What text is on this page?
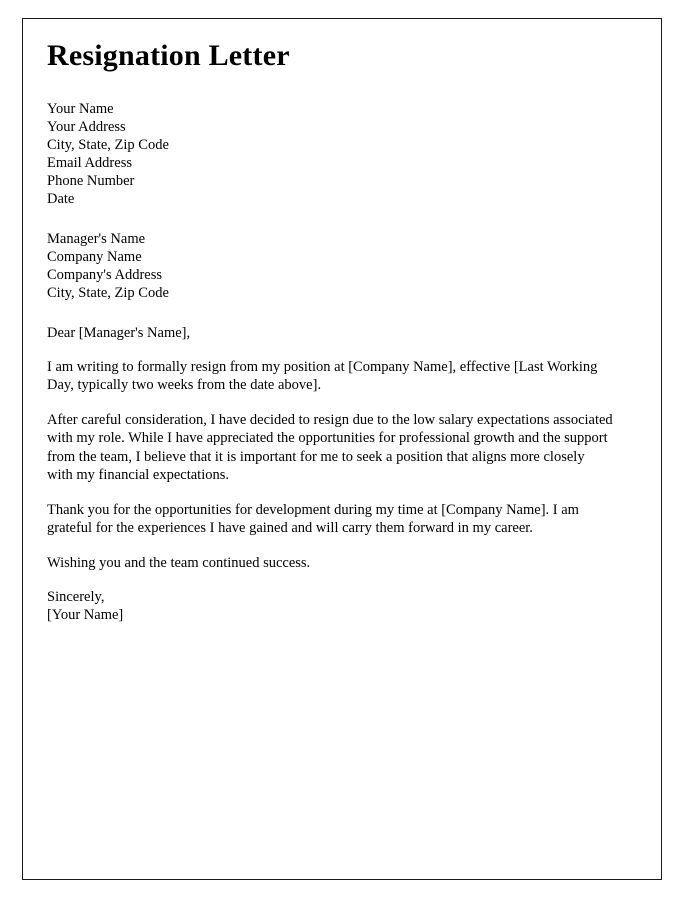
Resignation Letter
Your Name
Your Address
City, State, Zip Code
Email Address
Phone Number
Date
Manager's Name
Company Name
Company's Address
City, State, Zip Code

Dear [Manager's Name],

I am writing to formally resign from my position at [Company Name], effective [Last Working Day, typically two weeks from the date above].

After careful consideration, I have decided to resign due to the low salary expectations associated with my role. While I have appreciated the opportunities for professional growth and the support from the team, I believe that it is important for me to seek a position that aligns more closely with my financial expectations.

Thank you for the opportunities for development during my time at [Company Name]. I am grateful for the experiences I have gained and will carry them forward in my career.

Wishing you and the team continued success.

Sincerely,
[Your Name]
